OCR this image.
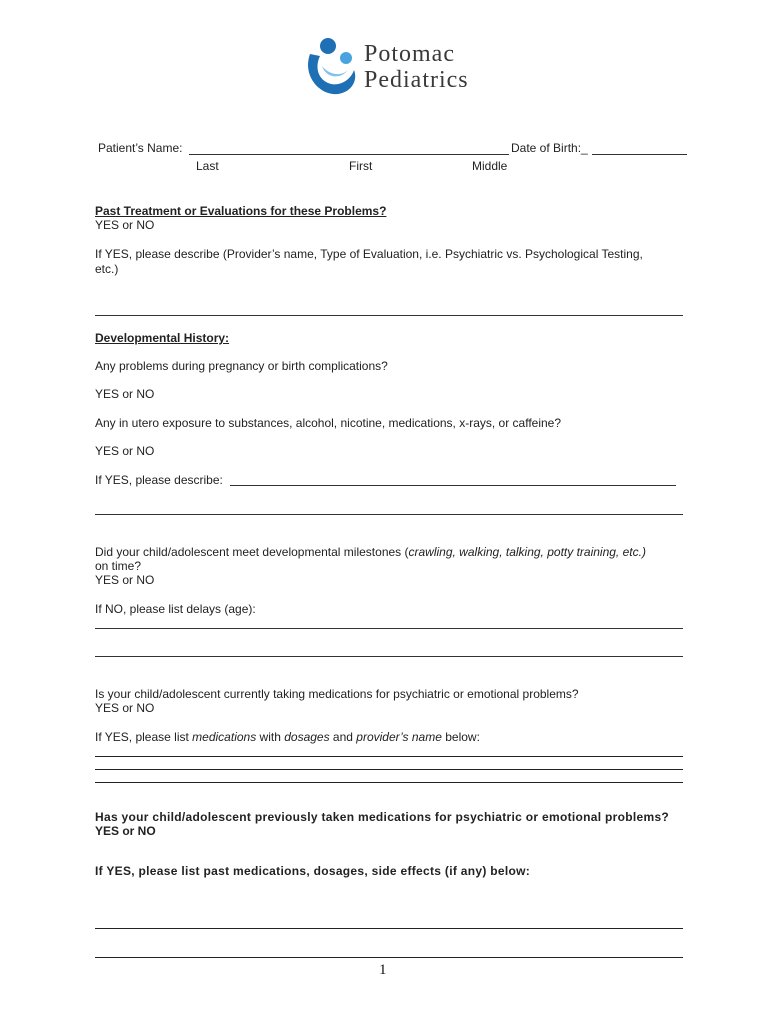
Potomac
Pediatrics
Patient’s Name:	Date of Birth:_
Last	First	Middle
Past Treatment or Evaluations for these Problems?
YES or NO
If YES, please describe (Provider’s name, Type of Evaluation, i.e. Psychiatric vs. Psychological Testing,
etc.)
Developmental History:
Any problems during pregnancy or birth complications?
YES or NO
Any in utero exposure to substances, alcohol, nicotine, medications, x-rays, or caffeine?
YES or NO
If YES, please describe:
Did your child/adolescent meet developmental milestones (crawling, walking, talking, potty training, etc.)
on time?
YES or NO
If NO, please list delays (age):
Is your child/adolescent currently taking medications for psychiatric or emotional problems?
YES or NO
If YES, please list medications with dosages and provider’s name below:
Has your child/adolescent previously taken medications for psychiatric or emotional problems?
YES or NO
If YES, please list past medications, dosages, side effects (if any) below:
1
